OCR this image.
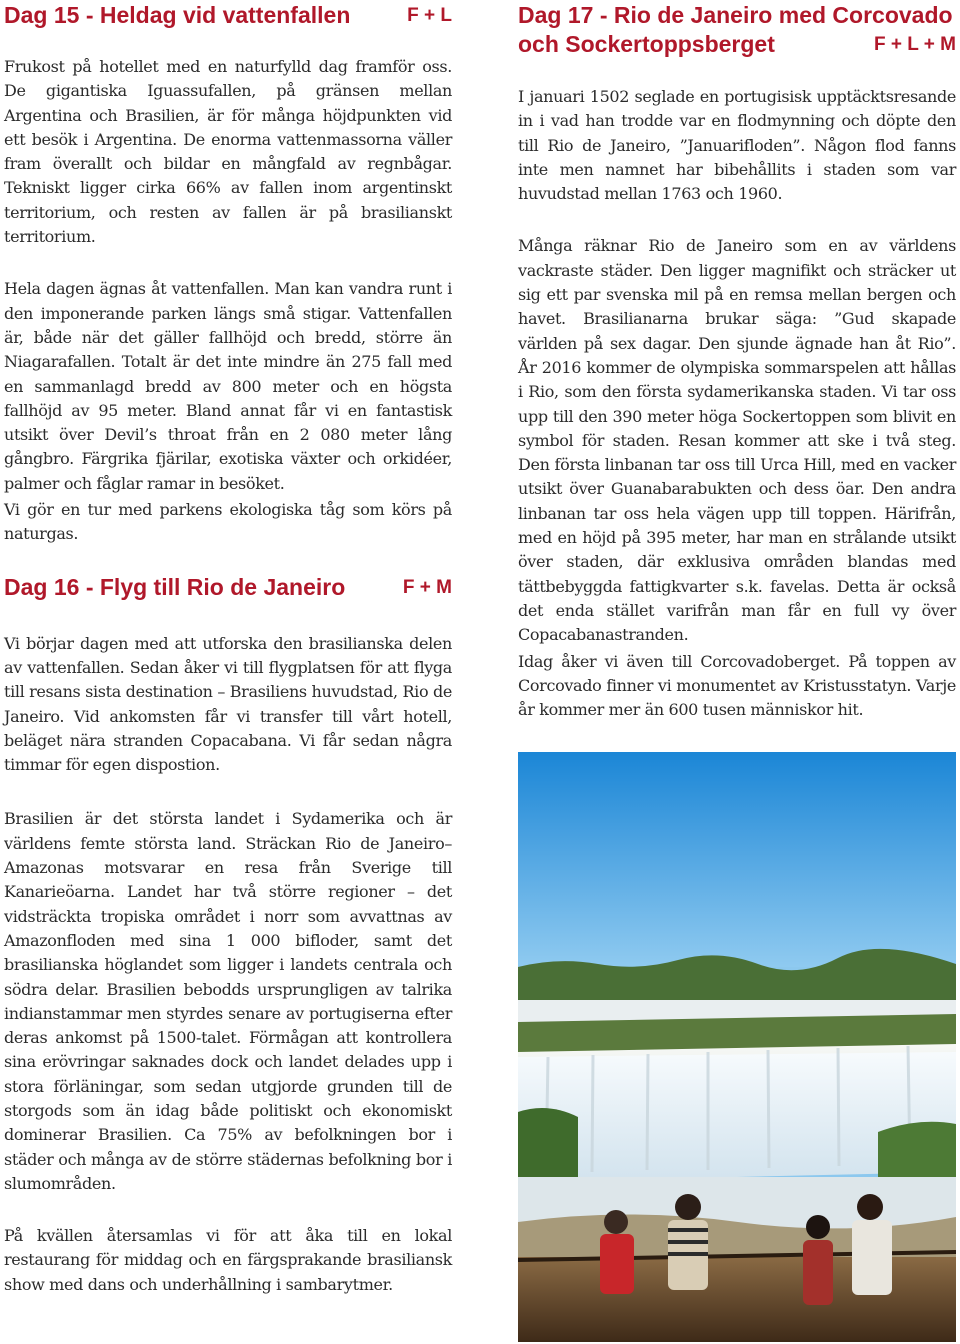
Dag 15 - Heldag vid vattenfallen	F + L

Frukost på hotellet med en naturfylld dag framför oss. De gigantiska Iguassufallen, på gränsen mellan Argentina och Brasilien, är för många höjdpunkten vid ett besök i Argentina. De enorma vattenmassorna väller fram överallt och bildar en mångfald av regnbågar. Tekniskt ligger cirka 66% av fallen inom argentinskt territorium, och resten av fallen är på brasilianskt territorium.

Hela dagen ägnas åt vattenfallen. Man kan vandra runt i den imponerande parken längs små stigar. Vattenfallen är, både när det gäller fallhöjd och bredd, större än Niagarafallen. Totalt är det inte mindre än 275 fall med en sammanlagd bredd av 800 meter och en högsta fallhöjd av 95 meter. Bland annat får vi en fantastisk utsikt över Devil’s throat från en 2 080 meter lång gångbro. Färgrika fjärilar, exotiska växter och orkidéer, palmer och fåglar ramar in besöket.

Vi gör en tur med parkens ekologiska tåg som körs på naturgas.

Dag 16 - Flyg till Rio de Janeiro	F + M

Vi börjar dagen med att utforska den brasilianska delen av vattenfallen. Sedan åker vi till flygplatsen för att flyga till resans sista destination – Brasiliens huvudstad, Rio de Janeiro. Vid ankomsten får vi transfer till vårt hotell, beläget nära stranden Copacabana. Vi får sedan några timmar för egen dispostion.

Brasilien är det största landet i Sydamerika och är världens femte största land. Sträckan Rio de Janeiro–Amazonas motsvarar en resa från Sverige till Kanarieöarna. Landet har två större regioner – det vidsträckta tropiska området i norr som avvattnas av Amazonfloden med sina 1 000 bifloder, samt det brasilianska höglandet som ligger i landets centrala och södra delar. Brasilien bebodds ursprungligen av talrika indianstammar men styrdes senare av portugiserna efter deras ankomst på 1500-talet. Förmågan att kontrollera sina erövringar saknades dock och landet delades upp i stora förläningar, som sedan utgjorde grunden till de storgods som än idag både politiskt och ekonomiskt dominerar Brasilien. Ca 75% av befolkningen bor i städer och många av de större städernas befolkning bor i slumområden.

På kvällen återsamlas vi för att åka till en lokal restaurang för middag och en färgsprakande brasiliansk show med dans och underhållning i sambarytmer.

Dag 17 - Rio de Janeiro med Corcovado och Sockertoppsberget	F + L + M

I januari 1502 seglade en portugisisk upptäcktsresande in i vad han trodde var en flodmynning och döpte den till Rio de Janeiro, ”Januarifloden”. Någon flod fanns inte men namnet har bibehållits i staden som var huvudstad mellan 1763 och 1960.

Många räknar Rio de Janeiro som en av världens vackraste städer. Den ligger magnifikt och sträcker ut sig ett par svenska mil på en remsa mellan bergen och havet. Brasilianarna brukar säga: ”Gud skapade världen på sex dagar. Den sjunde ägnade han åt Rio”. År 2016 kommer de olympiska sommarspelen att hållas i Rio, som den första sydamerikanska staden. Vi tar oss upp till den 390 meter höga Sockertoppen som blivit en symbol för staden. Resan kommer att ske i två steg. Den första linbanan tar oss till Urca Hill, med en vacker utsikt över Guanabarabukten och dess öar. Den andra linbanan tar oss hela vägen upp till toppen. Härifrån, med en höjd på 395 meter, har man en strålande utsikt över staden, där exklusiva områden blandas med tättbebyggda fattigkvarter s.k. favelas. Detta är också det enda stället varifrån man får en full vy över Copacabanastranden.

Idag åker vi även till Corcovadoberget. På toppen av Corcovado finner vi monumentet av Kristusstatyn. Varje år kommer mer än 600 tusen människor hit.
